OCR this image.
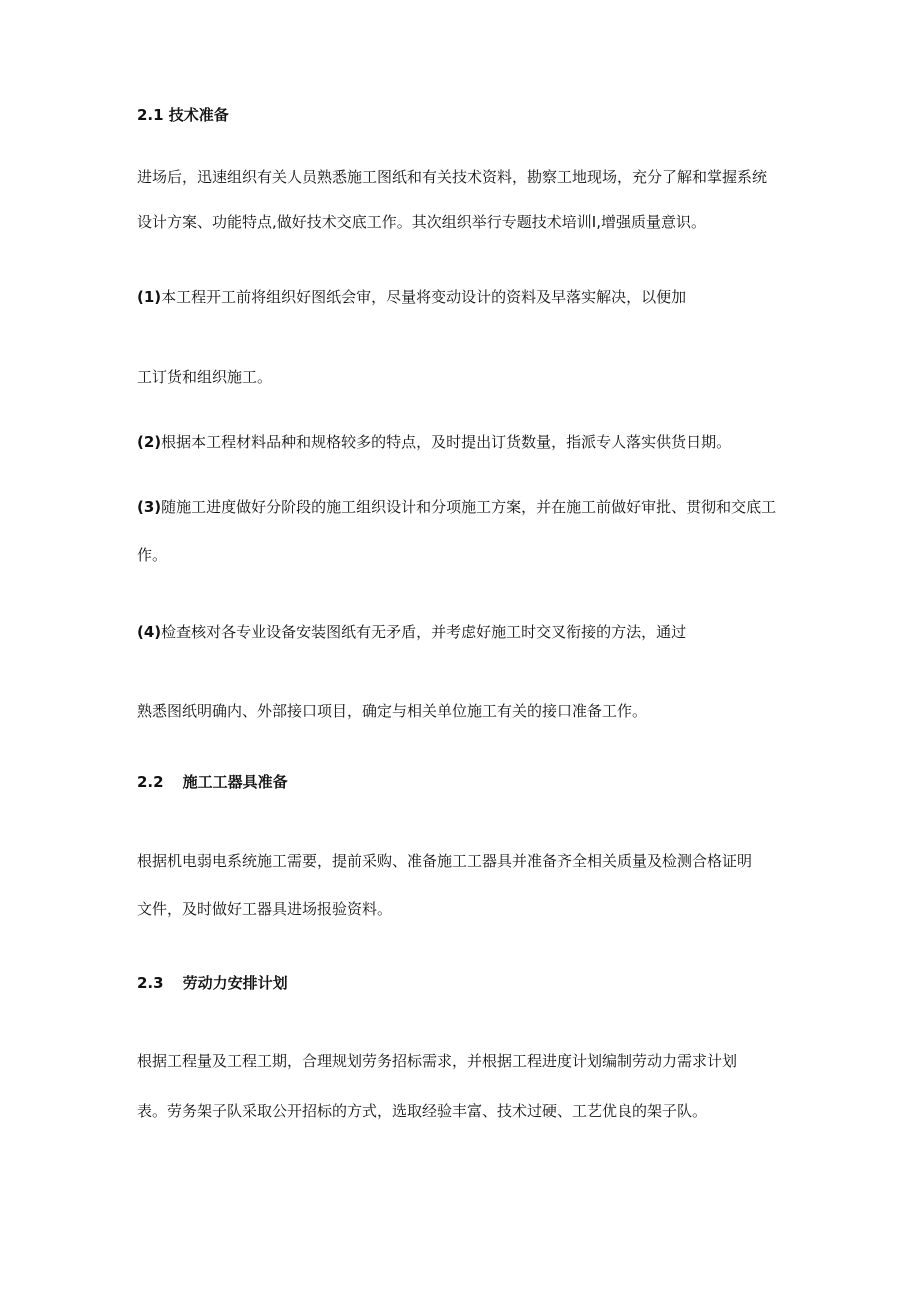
2.1 技术准备
进场后，迅速组织有关人员熟悉施工图纸和有关技术资料，勘察工地现场，充分了解和掌握系统
设计方案、功能特点,做好技术交底工作。其次组织举行专题技术培训I,增强质量意识。
(1)本工程开工前将组织好图纸会审，尽量将变动设计的资料及早落实解决，以便加
工订货和组织施工。
(2)根据本工程材料品种和规格较多的特点，及时提出订货数量，指派专人落实供货日期。
(3)随施工进度做好分阶段的施工组织设计和分项施工方案，并在施工前做好审批、贯彻和交底工
作。
(4)检查核对各专业设备安装图纸有无矛盾，并考虑好施工时交叉衔接的方法，通过
熟悉图纸明确内、外部接口项目，确定与相关单位施工有关的接口准备工作。
2.2 施工工器具准备
根据机电弱电系统施工需要，提前采购、准备施工工器具并准备齐全相关质量及检测合格证明
文件，及时做好工器具进场报验资料。
2.3 劳动力安排计划
根据工程量及工程工期，合理规划劳务招标需求，并根据工程进度计划编制劳动力需求计划
表。劳务架子队采取公开招标的方式，选取经验丰富、技术过硬、工艺优良的架子队。
